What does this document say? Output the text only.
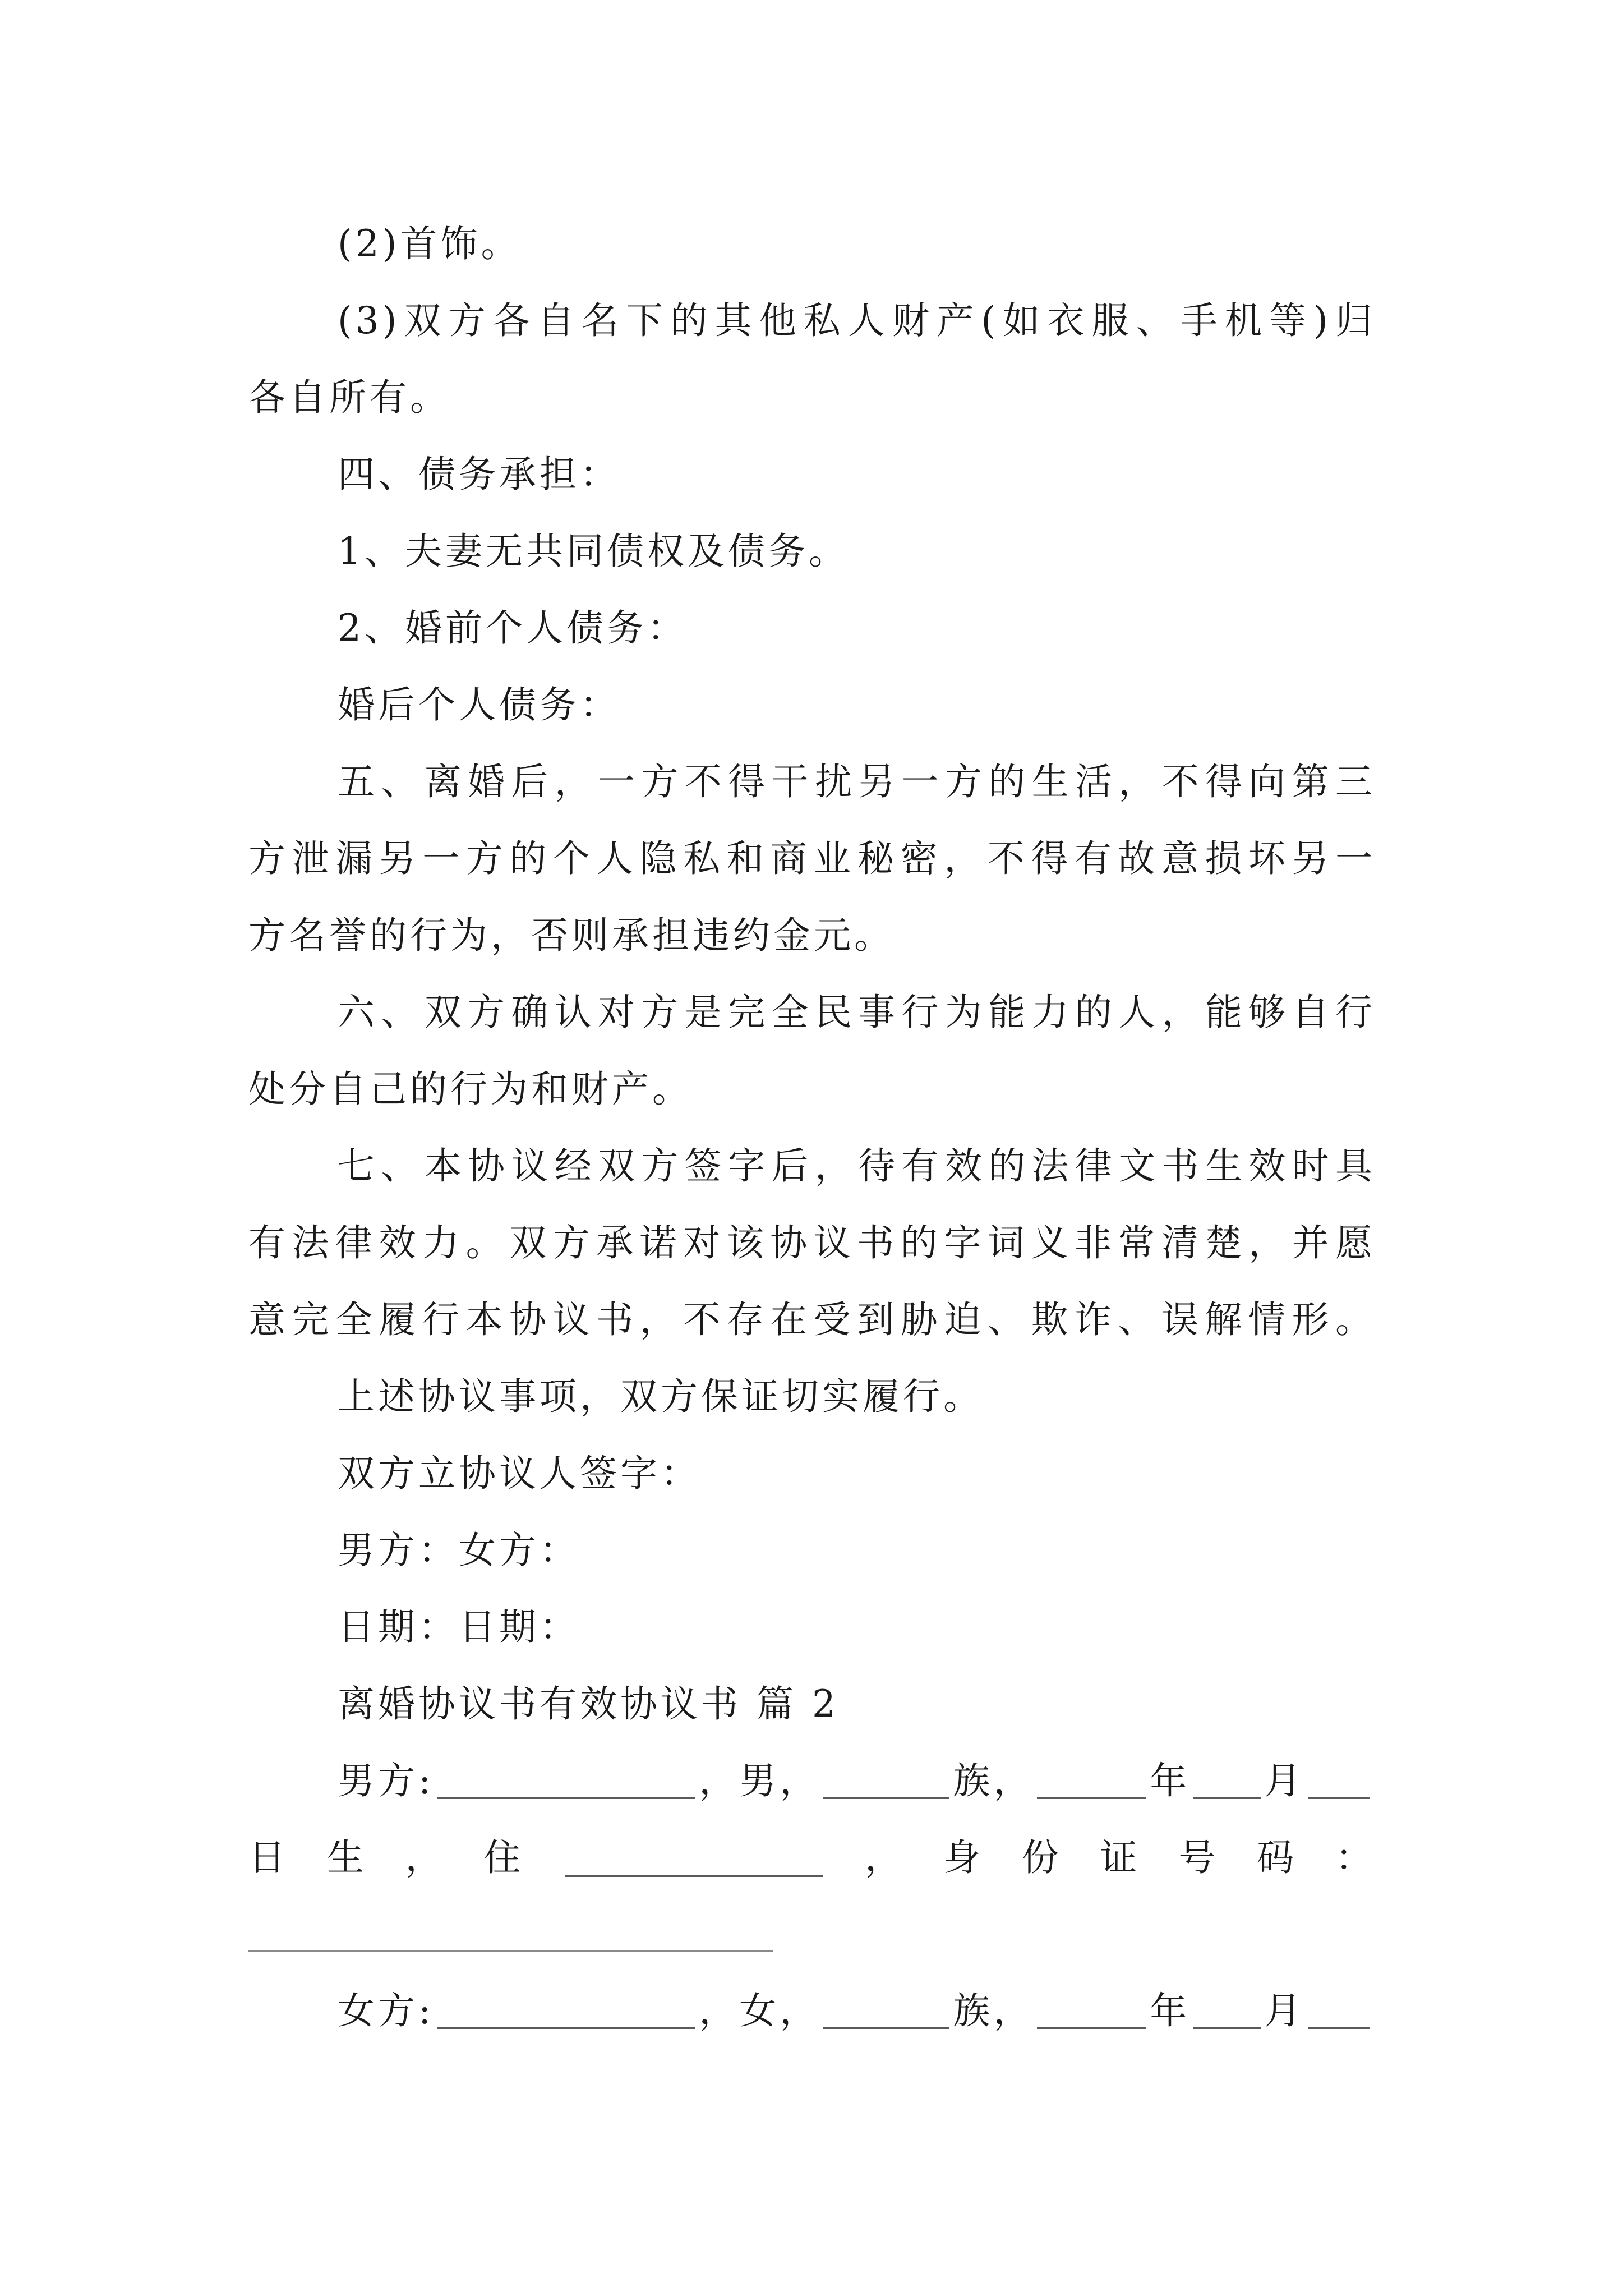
(2)首饰。
(3)双方各自名下的其他私人财产(如衣服、手机等)归
各自所有。
四、债务承担：
1、夫妻无共同债权及债务。
2、婚前个人债务：
婚后个人债务：
五、离婚后，一方不得干扰另一方的生活，不得向第三
方泄漏另一方的个人隐私和商业秘密，不得有故意损坏另一
方名誉的行为，否则承担违约金元。
六、双方确认对方是完全民事行为能力的人，能够自行
处分自己的行为和财产。
七、本协议经双方签字后，待有效的法律文书生效时具
有法律效力。双方承诺对该协议书的字词义非常清楚，并愿
意完全履行本协议书，不存在受到胁迫、欺诈、误解情形。
上述协议事项，双方保证切实履行。
双方立协议人签字：
男方：女方：
日期：日期：
离婚协议书有效协议书 篇 2
男方:	，男，	族，	年 月
日 生 ， 住	， 身 份 证 号 码 ：
女方:	，女，	族，	年 月
